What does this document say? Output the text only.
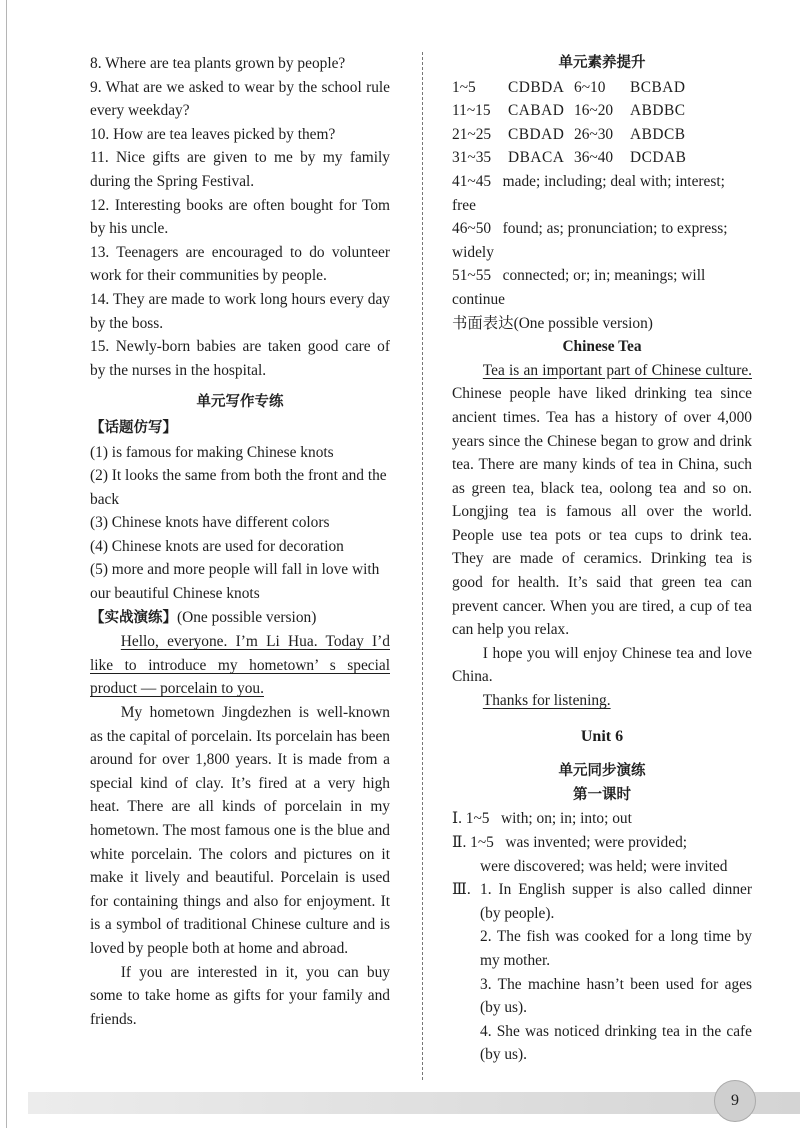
8. Where are tea plants grown by people?

9. What are we asked to wear by the school rule every weekday?

10. How are tea leaves picked by them?

11. Nice gifts are given to me by my family during the Spring Festival.

12. Interesting books are often bought for Tom by his uncle.

13. Teenagers are encouraged to do volunteer work for their communities by people.

14. They are made to work long hours every day by the boss.

15. Newly-born babies are taken good care of by the nurses in the hospital.

单元写作专练

【话题仿写】

(1) is famous for making Chinese knots

(2) It looks the same from both the front and the back

(3) Chinese knots have different colors

(4) Chinese knots are used for decoration

(5) more and more people will fall in love with our beautiful Chinese knots

【实战演练】(One possible version)

Hello, everyone. I’m Li Hua. Today I’d like to introduce my hometown’ s special product — porcelain to you.

My hometown Jingdezhen is well-known as the capital of porcelain. Its porcelain has been around for over 1,800 years. It is made from a special kind of clay. It’s fired at a very high heat. There are all kinds of porcelain in my hometown. The most famous one is the blue and white porcelain. The colors and pictures on it make it lively and beautiful. Porcelain is used for containing things and also for enjoyment. It is a symbol of traditional Chinese culture and is loved by people both at home and abroad.

If you are interested in it, you can buy some to take home as gifts for your family and friends.

单元素养提升

1~5	CDBDA 6~10	BCBAD
11~15	CABAD 16~20	ABDBC
21~25	CBDAD 26~30	ABDCB
31~35	DBACA 36~40	DCDAB

41~45   made; including; deal with; interest; free

46~50   found; as; pronunciation; to express; widely

51~55   connected; or; in; meanings; will continue

书面表达(One possible version)

Chinese Tea

Tea is an important part of Chinese culture. Chinese people have liked drinking tea since ancient times. Tea has a history of over 4,000 years since the Chinese began to grow and drink tea. There are many kinds of tea in China, such as green tea, black tea, oolong tea and so on. Longjing tea is famous all over the world. People use tea pots or tea cups to drink tea. They are made of ceramics. Drinking tea is good for health. It’s said that green tea can prevent cancer. When you are tired, a cup of tea can help you relax.

I hope you will enjoy Chinese tea and love China.

Thanks for listening.

Unit 6

单元同步演练

第一课时

Ⅰ. 1~5   with; on; in; into; out

Ⅱ. 1~5   was invented; were provided;

were discovered; was held; were invited

Ⅲ. 1. In English supper is also called dinner (by people).

2. The fish was cooked for a long time by my mother.

3. The machine hasn’t been used for ages (by us).

4. She was noticed drinking tea in the cafe (by us).

9
